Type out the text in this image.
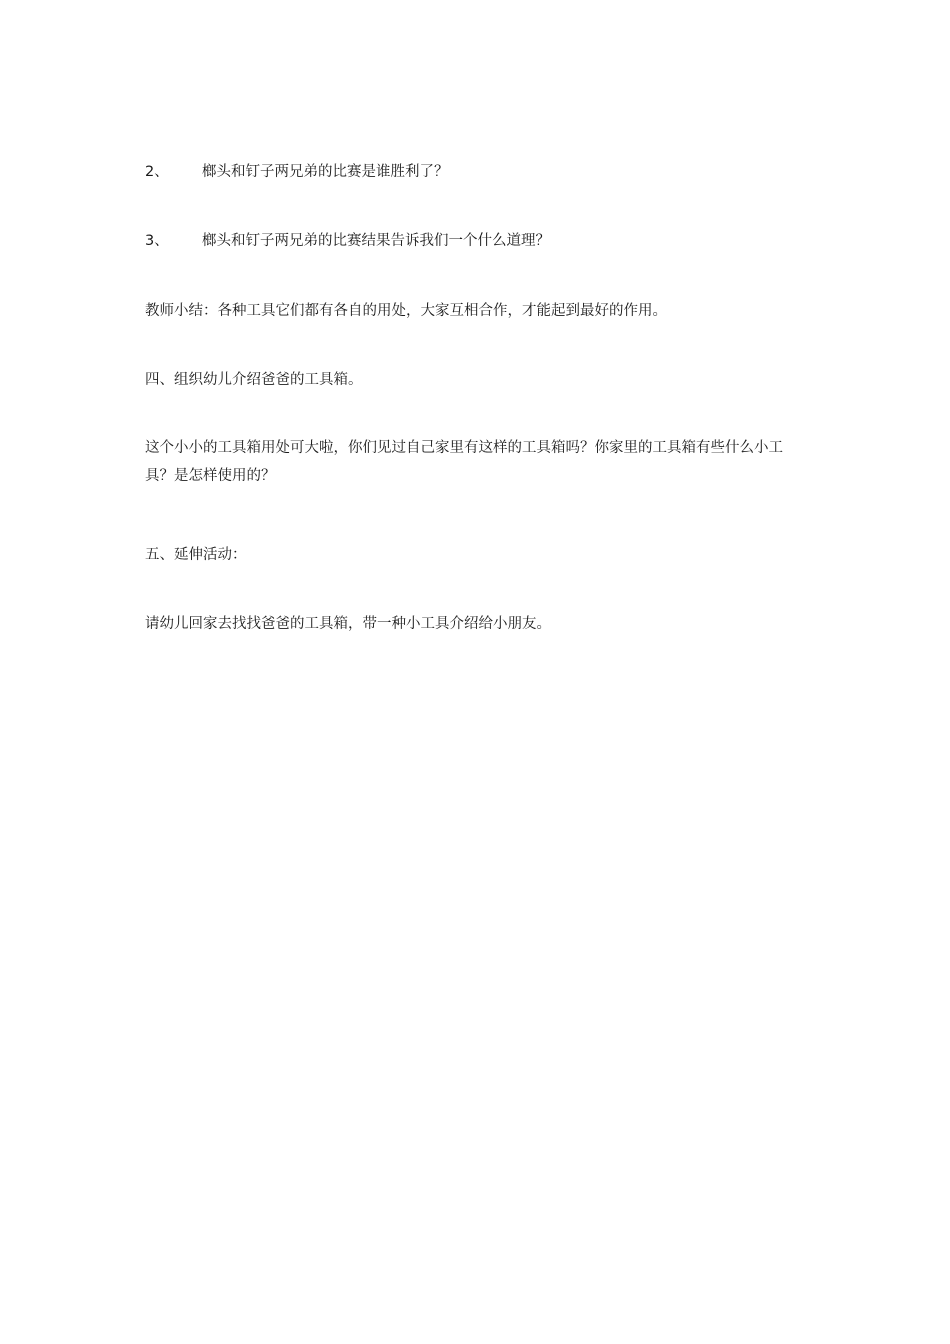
2、 榔头和钉子两兄弟的比赛是谁胜利了？
3、 榔头和钉子两兄弟的比赛结果告诉我们一个什么道理？
教师小结：各种工具它们都有各自的用处，大家互相合作，才能起到最好的作用。
四、组织幼儿介绍爸爸的工具箱。
这个小小的工具箱用处可大啦，你们见过自己家里有这样的工具箱吗？你家里的工具箱有些什么小工具？是怎样使用的？
五、延伸活动：
请幼儿回家去找找爸爸的工具箱，带一种小工具介绍给小朋友。
